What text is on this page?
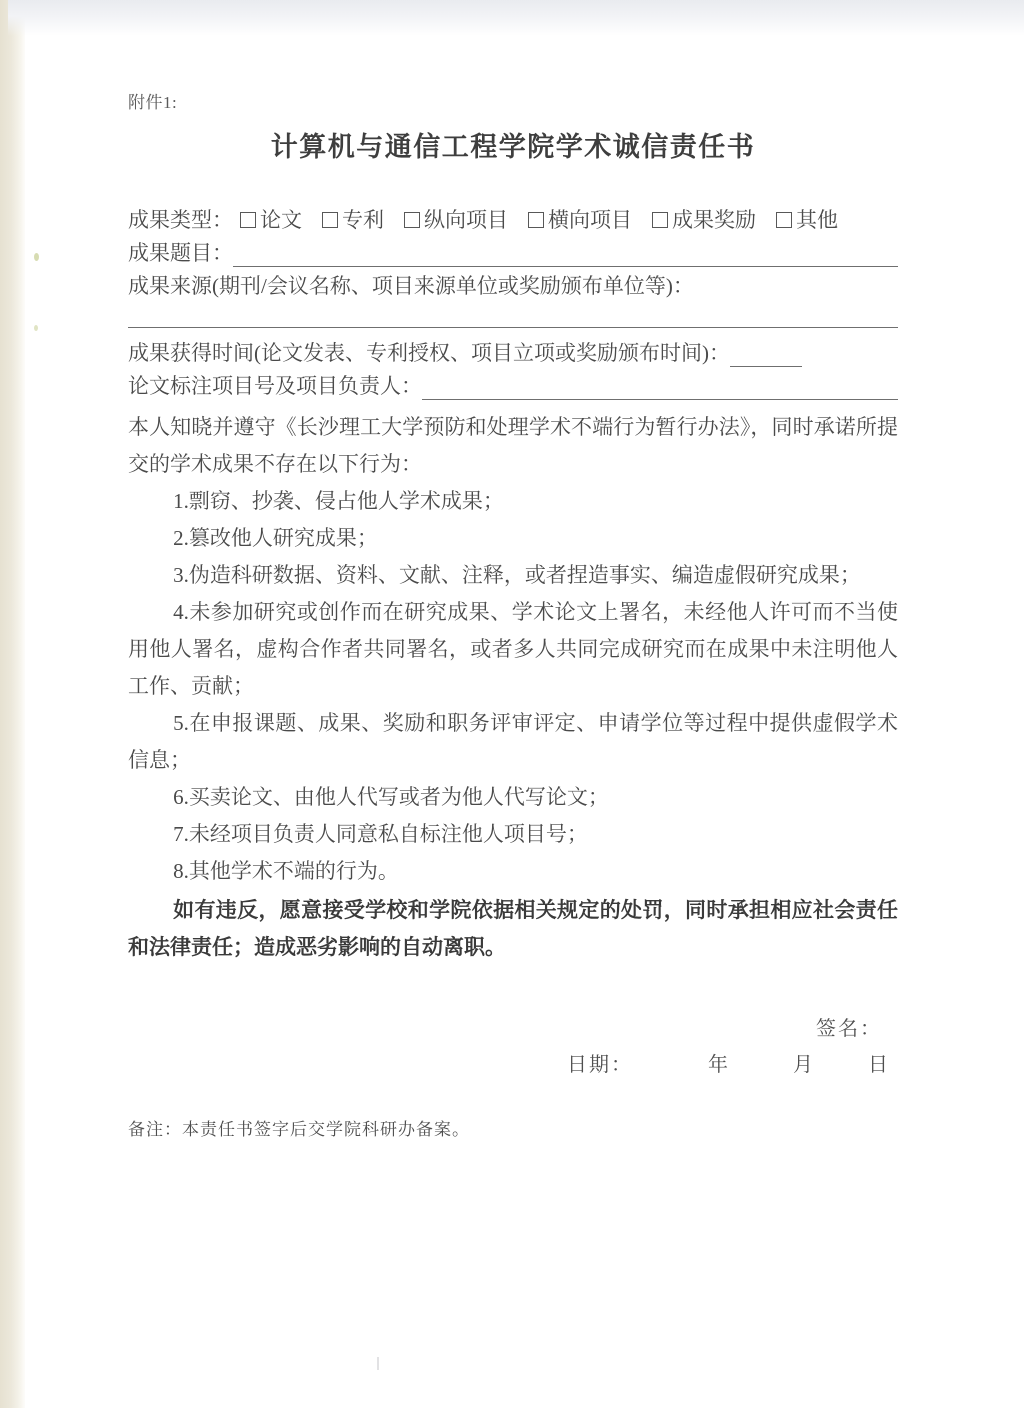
附件1:
计算机与通信工程学院学术诚信责任书
成果类型：	论文	专利	纵向项目	横向项目	成果奖励	其他
成果题目：
成果来源(期刊/会议名称、项目来源单位或奖励颁布单位等)：
成果获得时间(论文发表、专利授权、项目立项或奖励颁布时间)：
论文标注项目号及项目负责人：
本人知晓并遵守《长沙理工大学预防和处理学术不端行为暂行办法》，同时承诺所提交的学术成果不存在以下行为：
1.剽窃、抄袭、侵占他人学术成果；
2.篡改他人研究成果；
3.伪造科研数据、资料、文献、注释，或者捏造事实、编造虚假研究成果；
4.未参加研究或创作而在研究成果、学术论文上署名，未经他人许可而不当使用他人署名，虚构合作者共同署名，或者多人共同完成研究而在成果中未注明他人工作、贡献；
5.在申报课题、成果、奖励和职务评审评定、申请学位等过程中提供虚假学术信息；
6.买卖论文、由他人代写或者为他人代写论文；
7.未经项目负责人同意私自标注他人项目号；
8.其他学术不端的行为。
如有违反，愿意接受学校和学院依据相关规定的处罚，同时承担相应社会责任和法律责任；造成恶劣影响的自动离职。
签名：
日期：	年	月	日
备注：本责任书签字后交学院科研办备案。
